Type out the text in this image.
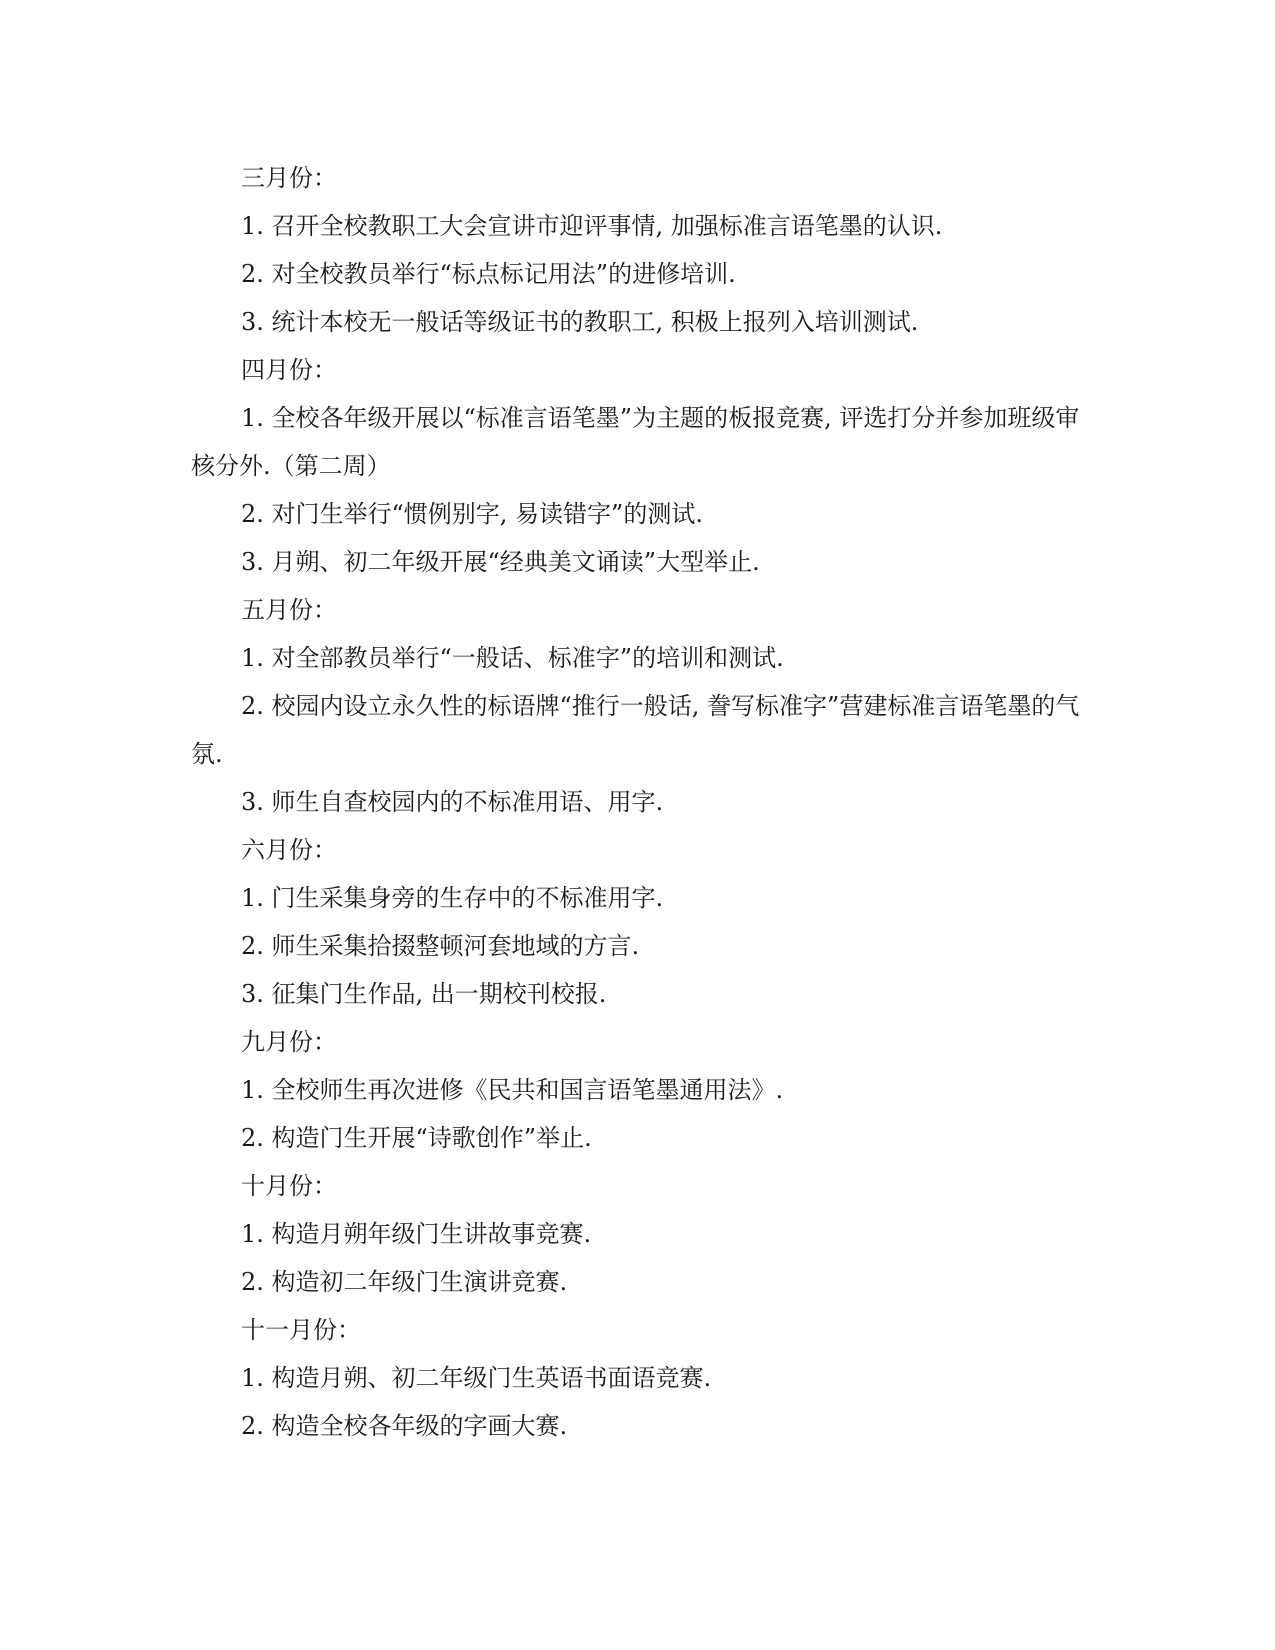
三月份：

1. 召开全校教职工大会宣讲市迎评事情, 加强标准言语笔墨的认识.

2. 对全校教员举行“标点标记用法”的进修培训.

3. 统计本校无一般话等级证书的教职工, 积极上报列入培训测试.

四月份：

1. 全校各年级开展以“标准言语笔墨”为主题的板报竞赛, 评选打分并参加班级审核分外.（第二周）

2. 对门生举行“惯例别字, 易读错字”的测试.

3. 月朔、初二年级开展“经典美文诵读”大型举止.

五月份：

1. 对全部教员举行“一般话、标准字”的培训和测试.

2. 校园内设立永久性的标语牌“推行一般话, 誊写标准字”营建标准言语笔墨的气氛.

3. 师生自查校园内的不标准用语、用字.

六月份：

1. 门生采集身旁的生存中的不标准用字.

2. 师生采集拾掇整顿河套地域的方言.

3. 征集门生作品, 出一期校刊校报.

九月份：

1. 全校师生再次进修《民共和国言语笔墨通用法》.

2. 构造门生开展“诗歌创作”举止.

十月份：

1. 构造月朔年级门生讲故事竞赛.

2. 构造初二年级门生演讲竞赛.

十一月份：

1. 构造月朔、初二年级门生英语书面语竞赛.

2. 构造全校各年级的字画大赛.
